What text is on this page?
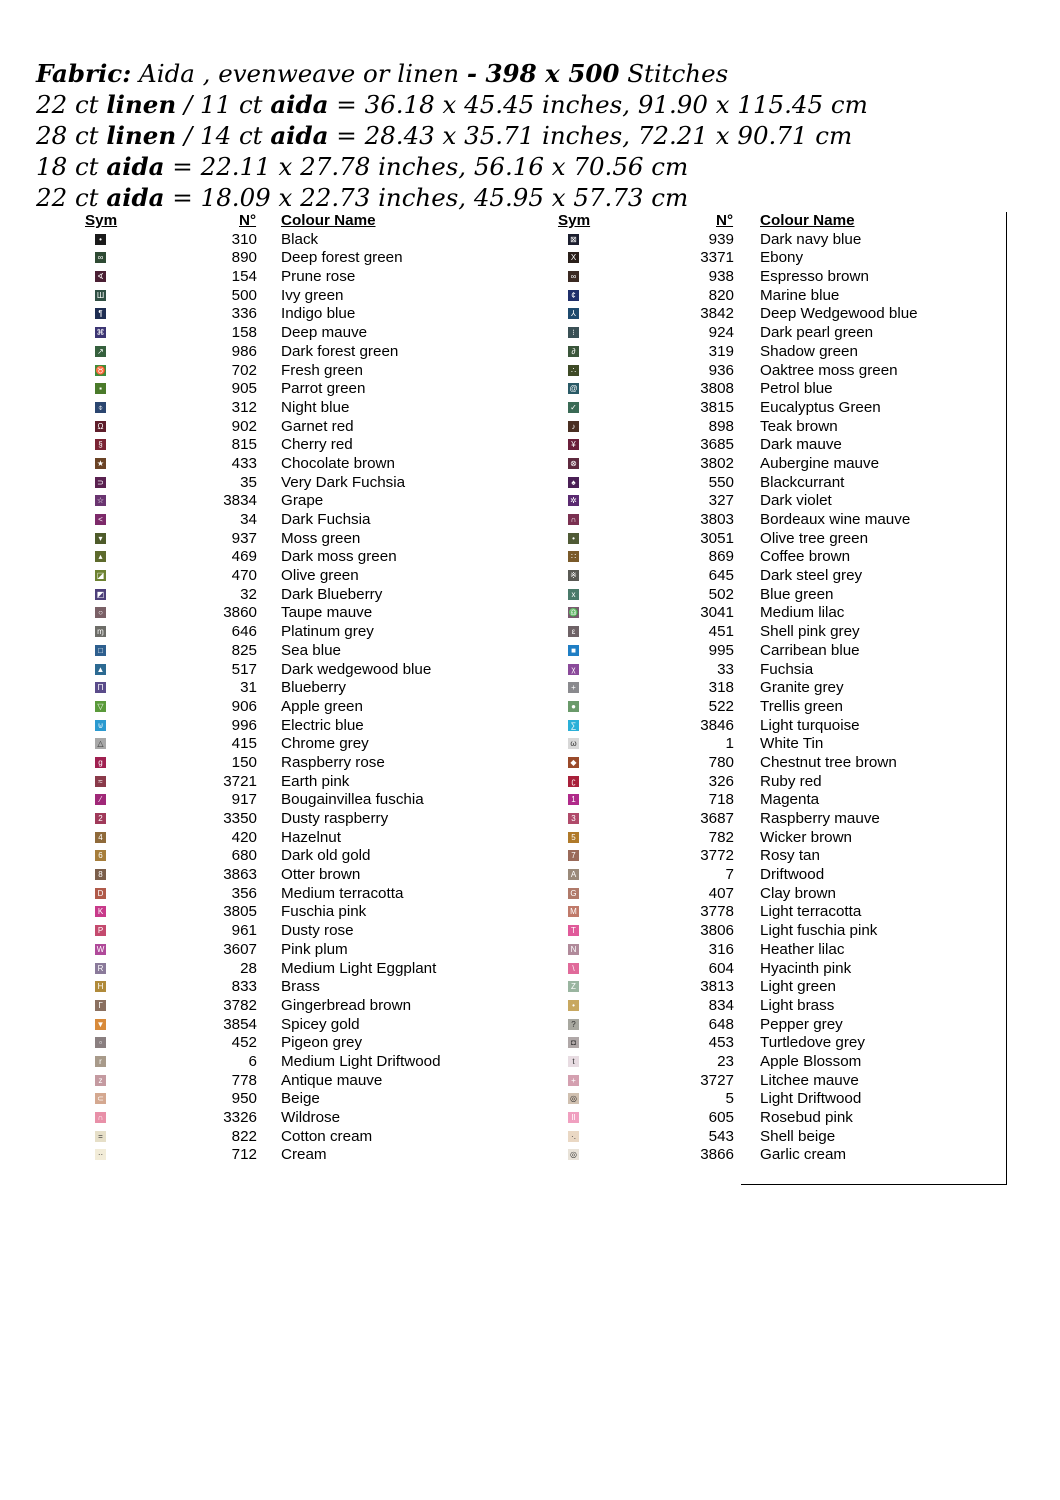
Fabric: Aida , evenweave or linen - 398 x 500 Stitches
22 ct linen / 11 ct aida = 36.18 x 45.45 inches, 91.90 x 115.45 cm
28 ct linen / 14 ct aida = 28.43 x 35.71 inches, 72.21 x 90.71 cm
18 ct aida = 22.11 x 27.78 inches, 56.16 x 70.56 cm
22 ct aida = 18.09 x 22.73 inches, 45.95 x 57.73 cm
Sym	N° Colour Name
•	310 Black
∞	890 Deep forest green
∢	154 Prune rose
Ш	500 Ivy green
¶	336 Indigo blue
⌘	158 Deep mauve
↗	986 Dark forest green
♉	702 Fresh green
▪	905 Parrot green
⌽	312 Night blue
Ω	902 Garnet red
§	815 Cherry red
★	433 Chocolate brown
⊃	35 Very Dark Fuchsia
☆	3834 Grape
<	34 Dark Fuchsia
▾	937 Moss green
▴	469 Dark moss green
◪	470 Olive green
◩	32 Dark Blueberry
○	3860 Taupe mauve
ɱ	646 Platinum grey
□	825 Sea blue
▲	517 Dark wedgewood blue
Π	31 Blueberry
▽	906 Apple green
⊍	996 Electric blue
△	415 Chrome grey
g	150 Raspberry rose
≈	3721 Earth pink
⁄	917 Bougainvillea fuschia
2	3350 Dusty raspberry
4	420 Hazelnut
6	680 Dark old gold
8	3863 Otter brown
D	356 Medium terracotta
K	3805 Fuschia pink
P	961 Dusty rose
W	3607 Pink plum
R	28 Medium Light Eggplant
H	833 Brass
Г	3782 Gingerbread brown
▼	3854 Spicey gold
▫	452 Pigeon grey
r	6 Medium Light Driftwood
z	778 Antique mauve
⊂	950 Beige
∩	3326 Wildrose
=	822 Cotton cream
··	712 Cream
Sym	N° Colour Name
⊠	939 Dark navy blue
X	3371 Ebony
∞	938 Espresso brown
¢	820 Marine blue
⅄	3842 Deep Wedgewood blue
⁝	924 Dark pearl green
∂	319 Shadow green
∴	936 Oaktree moss green
@	3808 Petrol blue
✓	3815 Eucalyptus Green
♪	898 Teak brown
¥	3685 Dark mauve
⊗	3802 Aubergine mauve
♠	550 Blackcurrant
✲	327 Dark violet
∩	3803 Bordeaux wine mauve
•	3051 Olive tree green
∷	869 Coffee brown
※	645 Dark steel grey
x	502 Blue green
♎	3041 Medium lilac
ε	451 Shell pink grey
■	995 Carribean blue
χ	33 Fuchsia
+	318 Granite grey
●	522 Trellis green
∑	3846 Light turquoise
ω	1 White Tin
◆	780 Chestnut tree brown
ʗ	326 Ruby red
1	718 Magenta
3	3687 Raspberry mauve
5	782 Wicker brown
7	3772 Rosy tan
A	7 Driftwood
G	407 Clay brown
M	3778 Light terracotta
T	3806 Light fuschia pink
N	316 Heather lilac
\	604 Hyacinth pink
Z	3813 Light green
•	834 Light brass
?	648 Pepper grey
◘	453 Turtledove grey
t	23 Apple Blossom
+	3727 Litchee mauve
◎	5 Light Driftwood
II	605 Rosebud pink
·.	543 Shell beige
◎	3866 Garlic cream
